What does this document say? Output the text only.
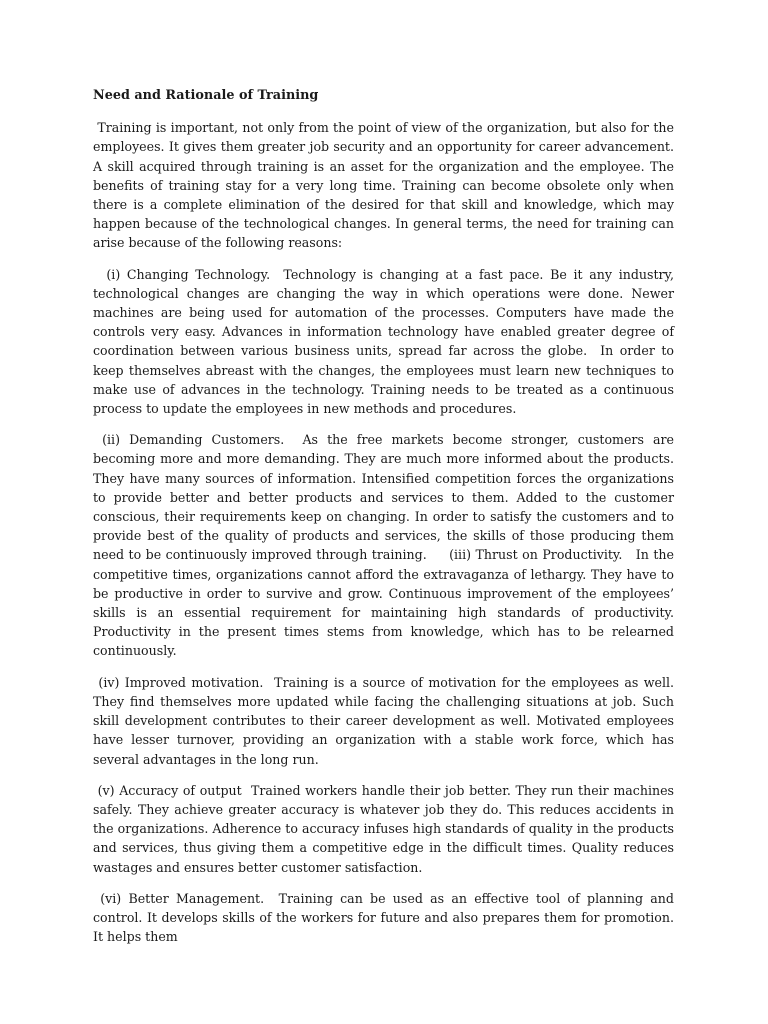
Need and Rationale of Training

Training is important, not only from the point of view of the organization, but also for the employees. It gives them greater job security and an opportunity for career advancement. A skill acquired through training is an asset for the organization and the employee. The benefits of training stay for a very long time. Training can become obsolete only when there is a complete elimination of the desired for that skill and knowledge, which may happen because of the technological changes. In general terms, the need for training can arise because of the following reasons:

(i) Changing Technology.  Technology is changing at a fast pace. Be it any industry, technological changes are changing the way in which operations were done. Newer machines are being used for automation of the processes. Computers have made the controls very easy. Advances in information technology have enabled greater degree of coordination between various business units, spread far across the globe.  In order to keep themselves abreast with the changes, the employees must learn new techniques to make use of advances in the technology. Training needs to be treated as a continuous process to update the employees in new methods and procedures.

(ii) Demanding Customers.  As the free markets become stronger, customers are becoming more and more demanding. They are much more informed about the products. They have many sources of information. Intensified competition forces the organizations to provide better and better products and services to them. Added to the customer conscious, their requirements keep on changing. In order to satisfy the customers and to provide best of the quality of products and services, the skills of those producing them need to be continuously improved through training.     (iii) Thrust on Productivity.   In the competitive times, organizations cannot afford the extravaganza of lethargy. They have to be productive in order to survive and grow. Continuous improvement of the employees’ skills is an essential requirement for maintaining high standards of productivity. Productivity in the present times stems from knowledge, which has to be relearned continuously.

(iv) Improved motivation.  Training is a source of motivation for the employees as well. They find themselves more updated while facing the challenging situations at job. Such skill development contributes to their career development as well. Motivated employees have lesser turnover, providing an organization with a stable work force, which has several advantages in the long run.

(v) Accuracy of output  Trained workers handle their job better. They run their machines safely. They achieve greater accuracy is whatever job they do. This reduces accidents in the organizations. Adherence to accuracy infuses high standards of quality in the products and services, thus giving them a competitive edge in the difficult times. Quality reduces wastages and ensures better customer satisfaction.

(vi) Better Management.  Training can be used as an effective tool of planning and control. It develops skills of the workers for future and also prepares them for promotion. It helps them
